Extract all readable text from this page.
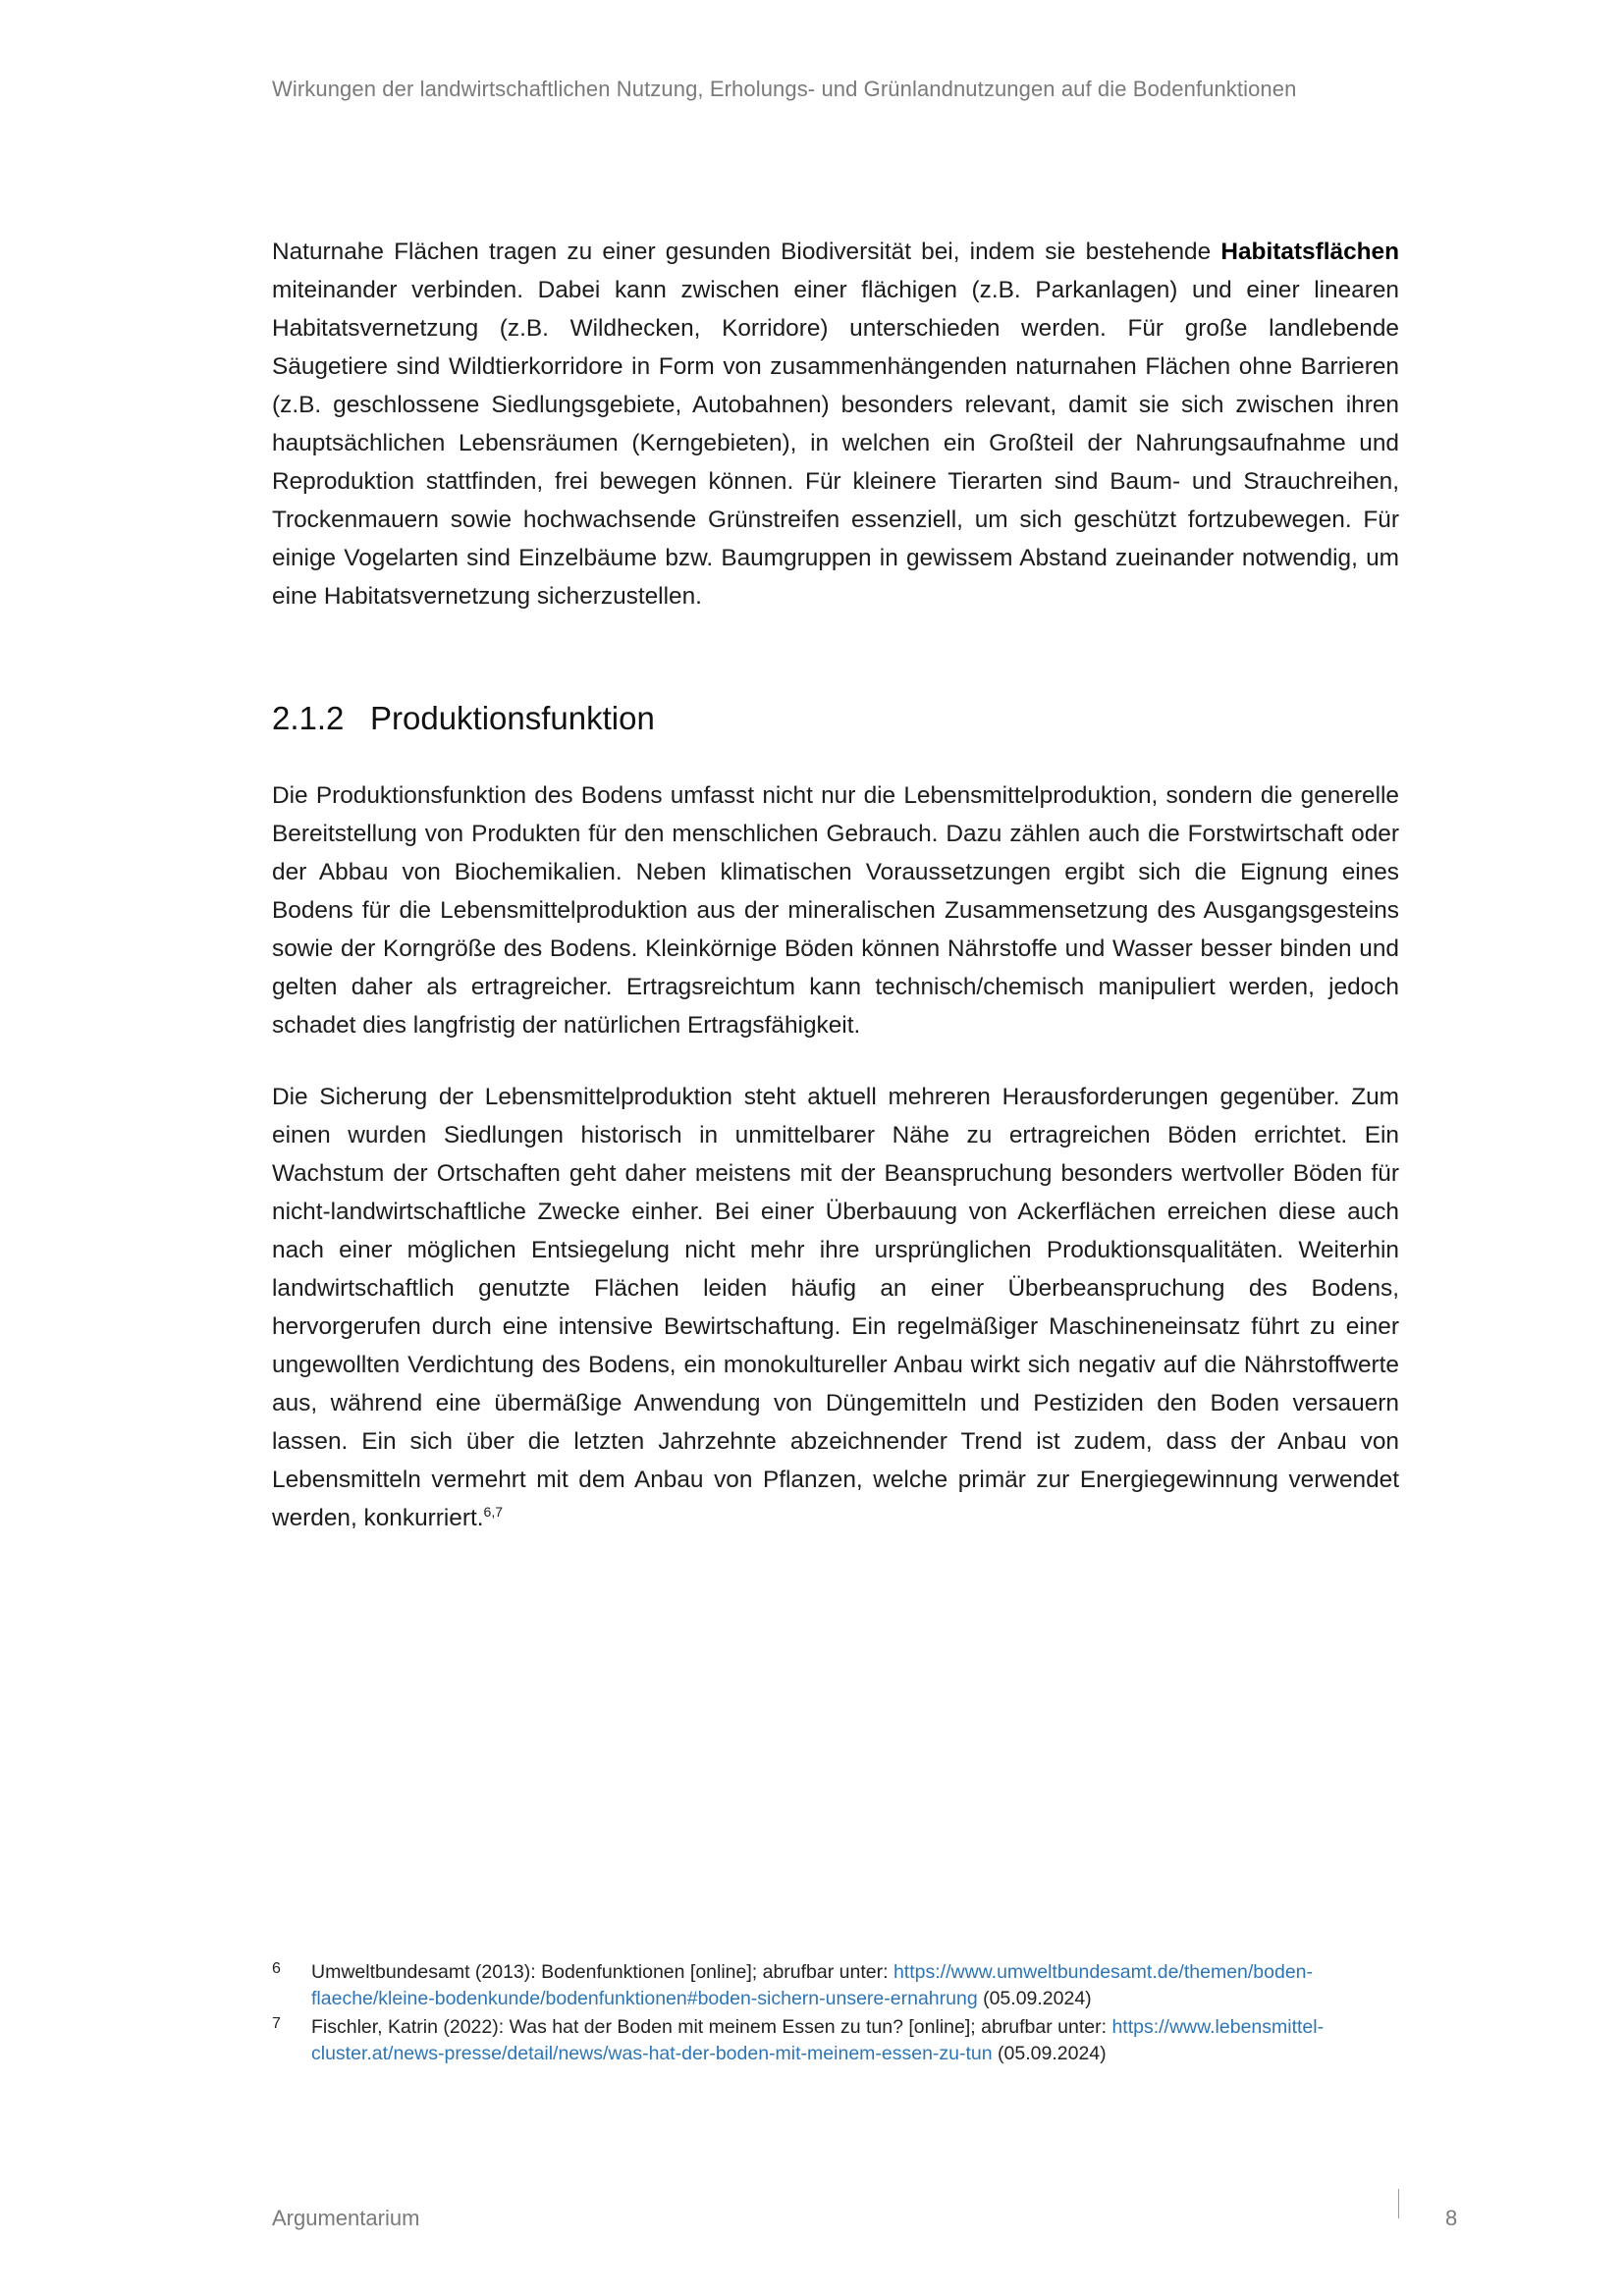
Wirkungen der landwirtschaftlichen Nutzung, Erholungs- und Grünlandnutzungen auf die Bodenfunktionen

Naturnahe Flächen tragen zu einer gesunden Biodiversität bei, indem sie bestehende Habitatsflächen miteinander verbinden. Dabei kann zwischen einer flächigen (z.B. Parkanlagen) und einer linearen Habitatsvernetzung (z.B. Wildhecken, Korridore) unterschieden werden. Für große landlebende Säugetiere sind Wildtierkorridore in Form von zusammenhängenden naturnahen Flächen ohne Barrieren (z.B. geschlossene Siedlungsgebiete, Autobahnen) besonders relevant, damit sie sich zwischen ihren hauptsächlichen Lebensräumen (Kerngebieten), in welchen ein Großteil der Nahrungsaufnahme und Reproduktion stattfinden, frei bewegen können. Für kleinere Tierarten sind Baum- und Strauchreihen, Trockenmauern sowie hochwachsende Grünstreifen essenziell, um sich geschützt fortzubewegen. Für einige Vogelarten sind Einzelbäume bzw. Baumgruppen in gewissem Abstand zueinander notwendig, um eine Habitatsvernetzung sicherzustellen.

2.1.2 Produktionsfunktion

Die Produktionsfunktion des Bodens umfasst nicht nur die Lebensmittelproduktion, sondern die generelle Bereitstellung von Produkten für den menschlichen Gebrauch. Dazu zählen auch die Forstwirtschaft oder der Abbau von Biochemikalien. Neben klimatischen Voraussetzungen ergibt sich die Eignung eines Bodens für die Lebensmittelproduktion aus der mineralischen Zusammensetzung des Ausgangsgesteins sowie der Korngröße des Bodens. Kleinkörnige Böden können Nährstoffe und Wasser besser binden und gelten daher als ertragreicher. Ertragsreichtum kann technisch/chemisch manipuliert werden, jedoch schadet dies langfristig der natürlichen Ertragsfähigkeit.

Die Sicherung der Lebensmittelproduktion steht aktuell mehreren Herausforderungen gegenüber. Zum einen wurden Siedlungen historisch in unmittelbarer Nähe zu ertragreichen Böden errichtet. Ein Wachstum der Ortschaften geht daher meistens mit der Beanspruchung besonders wertvoller Böden für nicht-landwirtschaftliche Zwecke einher. Bei einer Überbauung von Ackerflächen erreichen diese auch nach einer möglichen Entsiegelung nicht mehr ihre ursprünglichen Produktionsqualitäten. Weiterhin landwirtschaftlich genutzte Flächen leiden häufig an einer Überbeanspruchung des Bodens, hervorgerufen durch eine intensive Bewirtschaftung. Ein regelmäßiger Maschineneinsatz führt zu einer ungewollten Verdichtung des Bodens, ein monokultureller Anbau wirkt sich negativ auf die Nährstoffwerte aus, während eine übermäßige Anwendung von Düngemitteln und Pestiziden den Boden versauern lassen. Ein sich über die letzten Jahrzehnte abzeichnender Trend ist zudem, dass der Anbau von Lebensmitteln vermehrt mit dem Anbau von Pflanzen, welche primär zur Energiegewinnung verwendet werden, konkurriert.$^{6,7}$

6 Umweltbundesamt (2013): Bodenfunktionen [online]; abrufbar unter: https://www.umweltbundesamt.de/themen/boden-flaeche/kleine-bodenkunde/bodenfunktionen#boden-sichern-unsere-ernahrung (05.09.2024)
7 Fischler, Katrin (2022): Was hat der Boden mit meinem Essen zu tun? [online]; abrufbar unter: https://www.lebensmittel-cluster.at/news-presse/detail/news/was-hat-der-boden-mit-meinem-essen-zu-tun (05.09.2024)
Argumentarium	8
